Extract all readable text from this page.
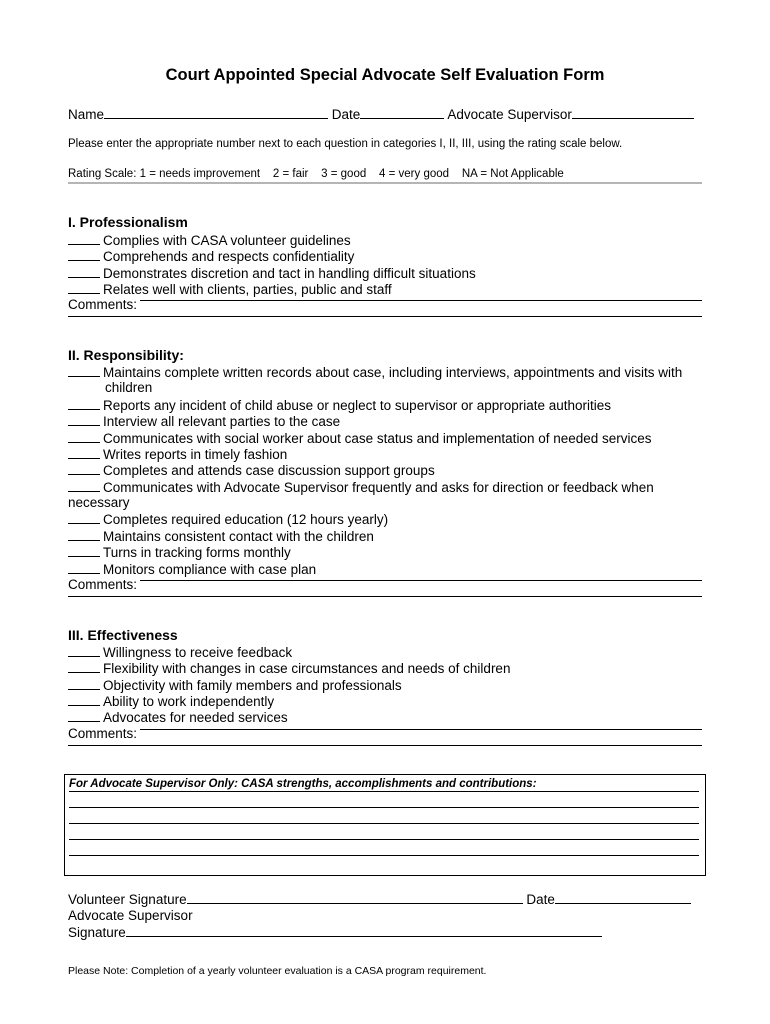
Court Appointed Special Advocate Self Evaluation Form
Name	Date	Advocate Supervisor
Please enter the appropriate number next to each question in categories I, II, III, using the rating scale below.
Rating Scale: 1 = needs improvement 2 = fair 3 = good 4 = very good NA = Not Applicable
I. Professionalism
Complies with CASA volunteer guidelines
Comprehends and respects confidentiality
Demonstrates discretion and tact in handling difficult situations
Relates well with clients, parties, public and staff
Comments:
II. Responsibility:
Maintains complete written records about case, including interviews, appointments and visits with
children
Reports any incident of child abuse or neglect to supervisor or appropriate authorities
Interview all relevant parties to the case
Communicates with social worker about case status and implementation of needed services
Writes reports in timely fashion
Completes and attends case discussion support groups
Communicates with Advocate Supervisor frequently and asks for direction or feedback when
necessary
Completes required education (12 hours yearly)
Maintains consistent contact with the children
Turns in tracking forms monthly
Monitors compliance with case plan
Comments:
III. Effectiveness
Willingness to receive feedback
Flexibility with changes in case circumstances and needs of children
Objectivity with family members and professionals
Ability to work independently
Advocates for needed services
Comments:
For Advocate Supervisor Only: CASA strengths, accomplishments and contributions:
Volunteer Signature	Date
Advocate Supervisor
Signature
Please Note: Completion of a yearly volunteer evaluation is a CASA program requirement.
